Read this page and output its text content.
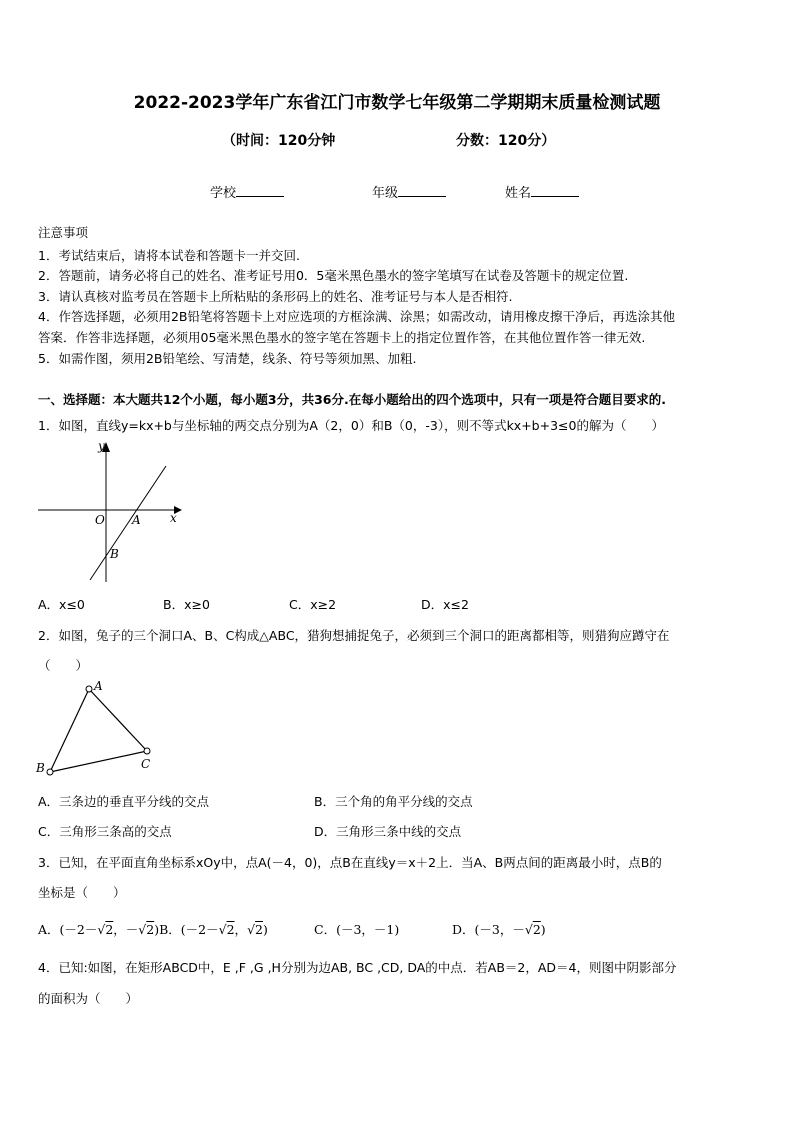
2022-2023学年广东省江门市数学七年级第二学期期末质量检测试题
（时间：120分钟	分数：120分）
学校	年级	姓名
注意事项
1．考试结束后，请将本试卷和答题卡一并交回.
2．答题前，请务必将自己的姓名、准考证号用0．5毫米黑色墨水的签字笔填写在试卷及答题卡的规定位置.
3．请认真核对监考员在答题卡上所粘贴的条形码上的姓名、准考证号与本人是否相符.
4．作答选择题，必须用2B铅笔将答题卡上对应选项的方框涂满、涂黑；如需改动，请用橡皮擦干净后，再选涂其他
答案．作答非选择题，必须用05毫米黑色墨水的签字笔在答题卡上的指定位置作答，在其他位置作答一律无效.
5．如需作图，须用2B铅笔绘、写清楚，线条、符号等须加黑、加粗.
一、选择题：本大题共12个小题，每小题3分，共36分.在每小题给出的四个选项中，只有一项是符合题目要求的.
1．如图，直线y=kx+b与坐标轴的两交点分别为A（2，0）和B（0，-3），则不等式kx+b+3≤0的解为（　　）
y
x
O A
B
A．x≤0	B．x≥0	C．x≥2	D．x≤2
2．如图，兔子的三个洞口A、B、C构成△ABC，猎狗想捕捉兔子，必须到三个洞口的距离都相等，则猎狗应蹲守在
（　　）
A
B	C
A．三条边的垂直平分线的交点	B．三个角的角平分线的交点
C．三角形三条高的交点	D．三角形三条中线的交点
3．已知，在平面直角坐标系xOy中，点A(－4，0)，点B在直线y＝x＋2上．当A、B两点间的距离最小时，点B的
坐标是（　　）
A．(－2－√2，－√2)B．(－2－√2，√2)	C．(－3，－1)	D．(－3，－√2)
4．已知:如图，在矩形ABCD中，E ,F ,G ,H分别为边AB, BC ,CD, DA的中点．若AB＝2，AD＝4，则图中阴影部分
的面积为（　　）
